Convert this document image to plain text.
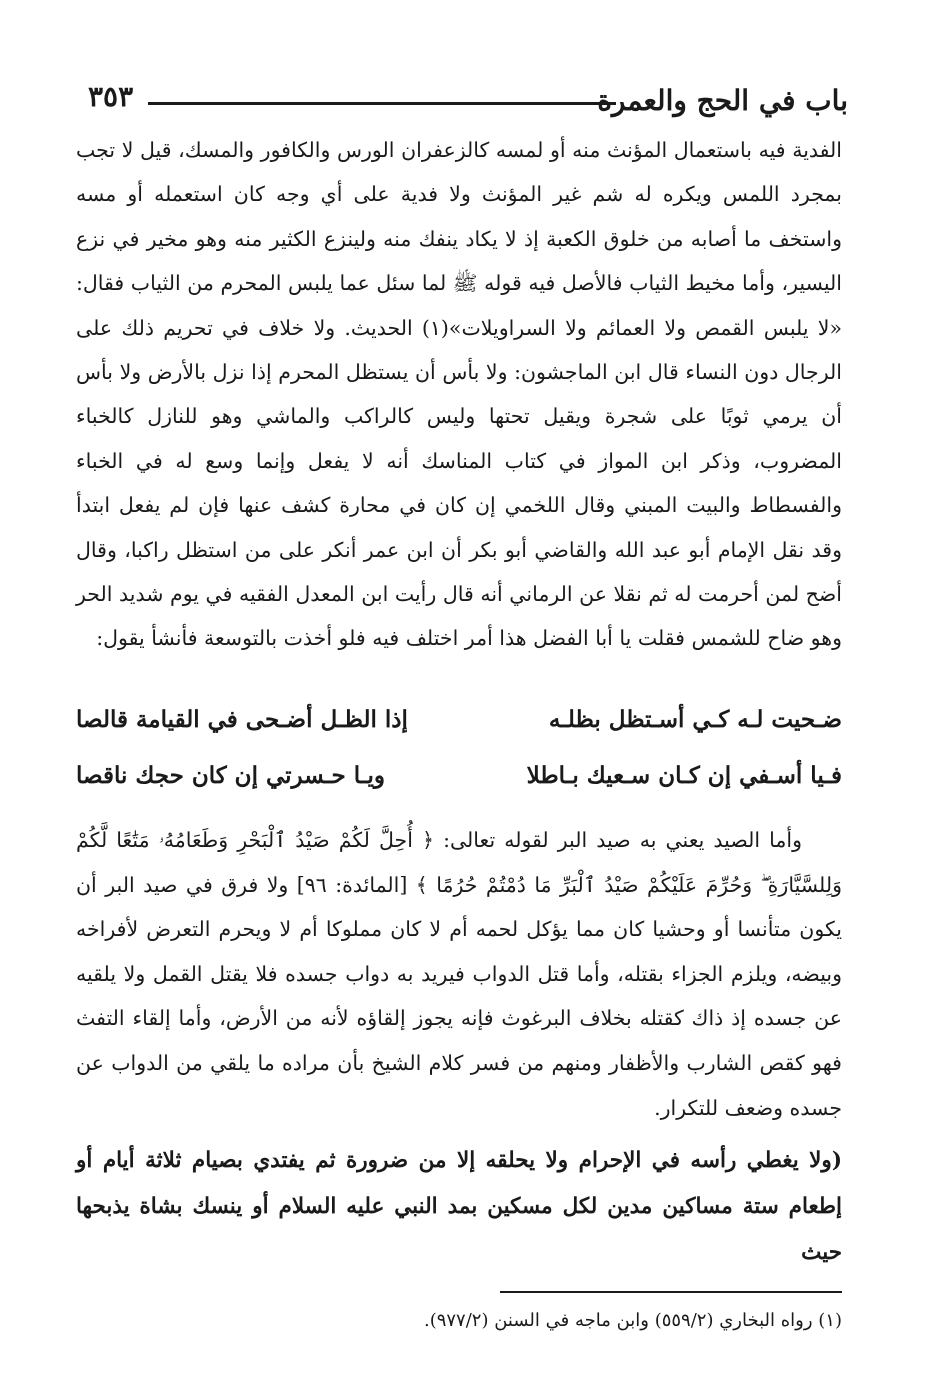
باب في الحج والعمرة
٣٥٣

الفدية فيه باستعمال المؤنث منه أو لمسه كالزعفران الورس والكافور والمسك، قيل لا تجب بمجرد اللمس ويكره له شم غير المؤنث ولا فدية على أي وجه كان استعمله أو مسه واستخف ما أصابه من خلوق الكعبة إذ لا يكاد ينفك منه ولينزع الكثير منه وهو مخير في نزع اليسير، وأما مخيط الثياب فالأصل فيه قوله ﷺ لما سئل عما يلبس المحرم من الثياب فقال: «لا يلبس القمص ولا العمائم ولا السراويلات»(١) الحديث. ولا خلاف في تحريم ذلك على الرجال دون النساء قال ابن الماجشون: ولا بأس أن يستظل المحرم إذا نزل بالأرض ولا بأس أن يرمي ثوبًا على شجرة ويقيل تحتها وليس كالراكب والماشي وهو للنازل كالخباء المضروب، وذكر ابن المواز في كتاب المناسك أنه لا يفعل وإنما وسع له في الخباء والفسطاط والبيت المبني وقال اللخمي إن كان في محارة كشف عنها فإن لم يفعل ابتدأ وقد نقل الإمام أبو عبد الله والقاضي أبو بكر أن ابن عمر أنكر على من استظل راكبا، وقال أضح لمن أحرمت له ثم نقلا عن الرماني أنه قال رأيت ابن المعدل الفقيه في يوم شديد الحر وهو ضاح للشمس فقلت يا أبا الفضل هذا أمر اختلف فيه فلو أخذت بالتوسعة فأنشأ يقول:

ضـحيت لـه كـي أسـتظل بظلـه
إذا الظـل أضـحى في القيامة قالصا
فـيا أسـفي إن كـان سـعيك بـاطلا
ويـا حـسرتي إن كان حجك ناقصا

وأما الصيد يعني به صيد البر لقوله تعالى: ﴿ أُحِلَّ لَكُمْ صَيْدُ ٱلْبَحْرِ وَطَعَامُهُۥ مَتَٰعًا لَّكُمْ وَلِلسَّيَّارَةِ ۖ وَحُرِّمَ عَلَيْكُمْ صَيْدُ ٱلْبَرِّ مَا دُمْتُمْ حُرُمًا ﴾ [المائدة: ٩٦] ولا فرق في صيد البر أن يكون متأنسا أو وحشيا كان مما يؤكل لحمه أم لا كان مملوكا أم لا ويحرم التعرض لأفراخه وبيضه، ويلزم الجزاء بقتله، وأما قتل الدواب فيريد به دواب جسده فلا يقتل القمل ولا يلقيه عن جسده إذ ذاك كقتله بخلاف البرغوث فإنه يجوز إلقاؤه لأنه من الأرض، وأما إلقاء التفث فهو كقص الشارب والأظفار ومنهم من فسر كلام الشيخ بأن مراده ما يلقي من الدواب عن جسده وضعف للتكرار.

(ولا يغطي رأسه في الإحرام ولا يحلقه إلا من ضرورة ثم يفتدي بصيام ثلاثة أيام أو إطعام ستة مساكين مدين لكل مسكين بمد النبي عليه السلام أو ينسك بشاة يذبحها حيث

(١) رواه البخاري (٥٥٩/٢) وابن ماجه في السنن (٩٧٧/٢).
